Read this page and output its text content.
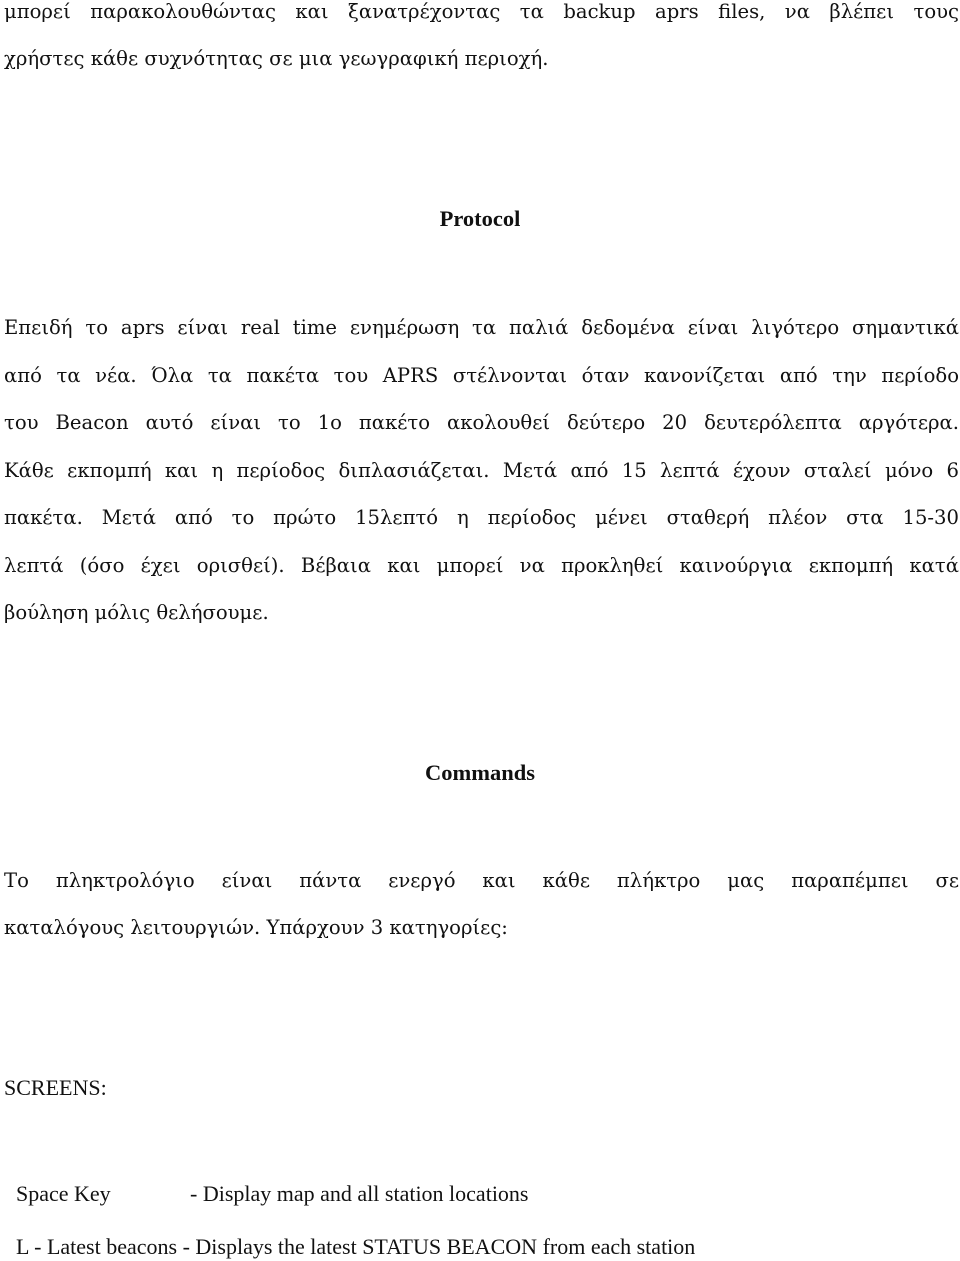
μπορεί παρακολουθώντας και ξανατρέχοντας τα backup aprs files, να βλέπει τους
χρήστες κάθε συχνότητας σε μια γεωγραφική περιοχή.
Protocol
Επειδή το aprs είναι real time ενημέρωση τα παλιά δεδομένα είναι λιγότερο σημαντικά
από τα νέα. Όλα τα πακέτα του APRS στέλνονται όταν κανονίζεται από την περίοδο
του Beacon αυτό είναι το 1ο πακέτο ακολουθεί δεύτερο 20 δευτερόλεπτα αργότερα.
Κάθε εκπομπή και η περίοδος διπλασιάζεται. Μετά από 15 λεπτά έχουν σταλεί μόνο 6
πακέτα. Μετά από το πρώτο 15λεπτό η περίοδος μένει σταθερή πλέον στα 15-30
λεπτά (όσο έχει ορισθεί). Βέβαια και μπορεί να προκληθεί καινούργια εκπομπή κατά
βούληση μόλις θελήσουμε.
Commands
Το πληκτρολόγιο είναι πάντα ενεργό και κάθε πλήκτρο μας παραπέμπει σε
καταλόγους λειτουργιών. Υπάρχουν 3 κατηγορίες:
SCREENS:
Space Key	- Display map and all station locations
L - Latest beacons - Displays the latest STATUS BEACON from each station
